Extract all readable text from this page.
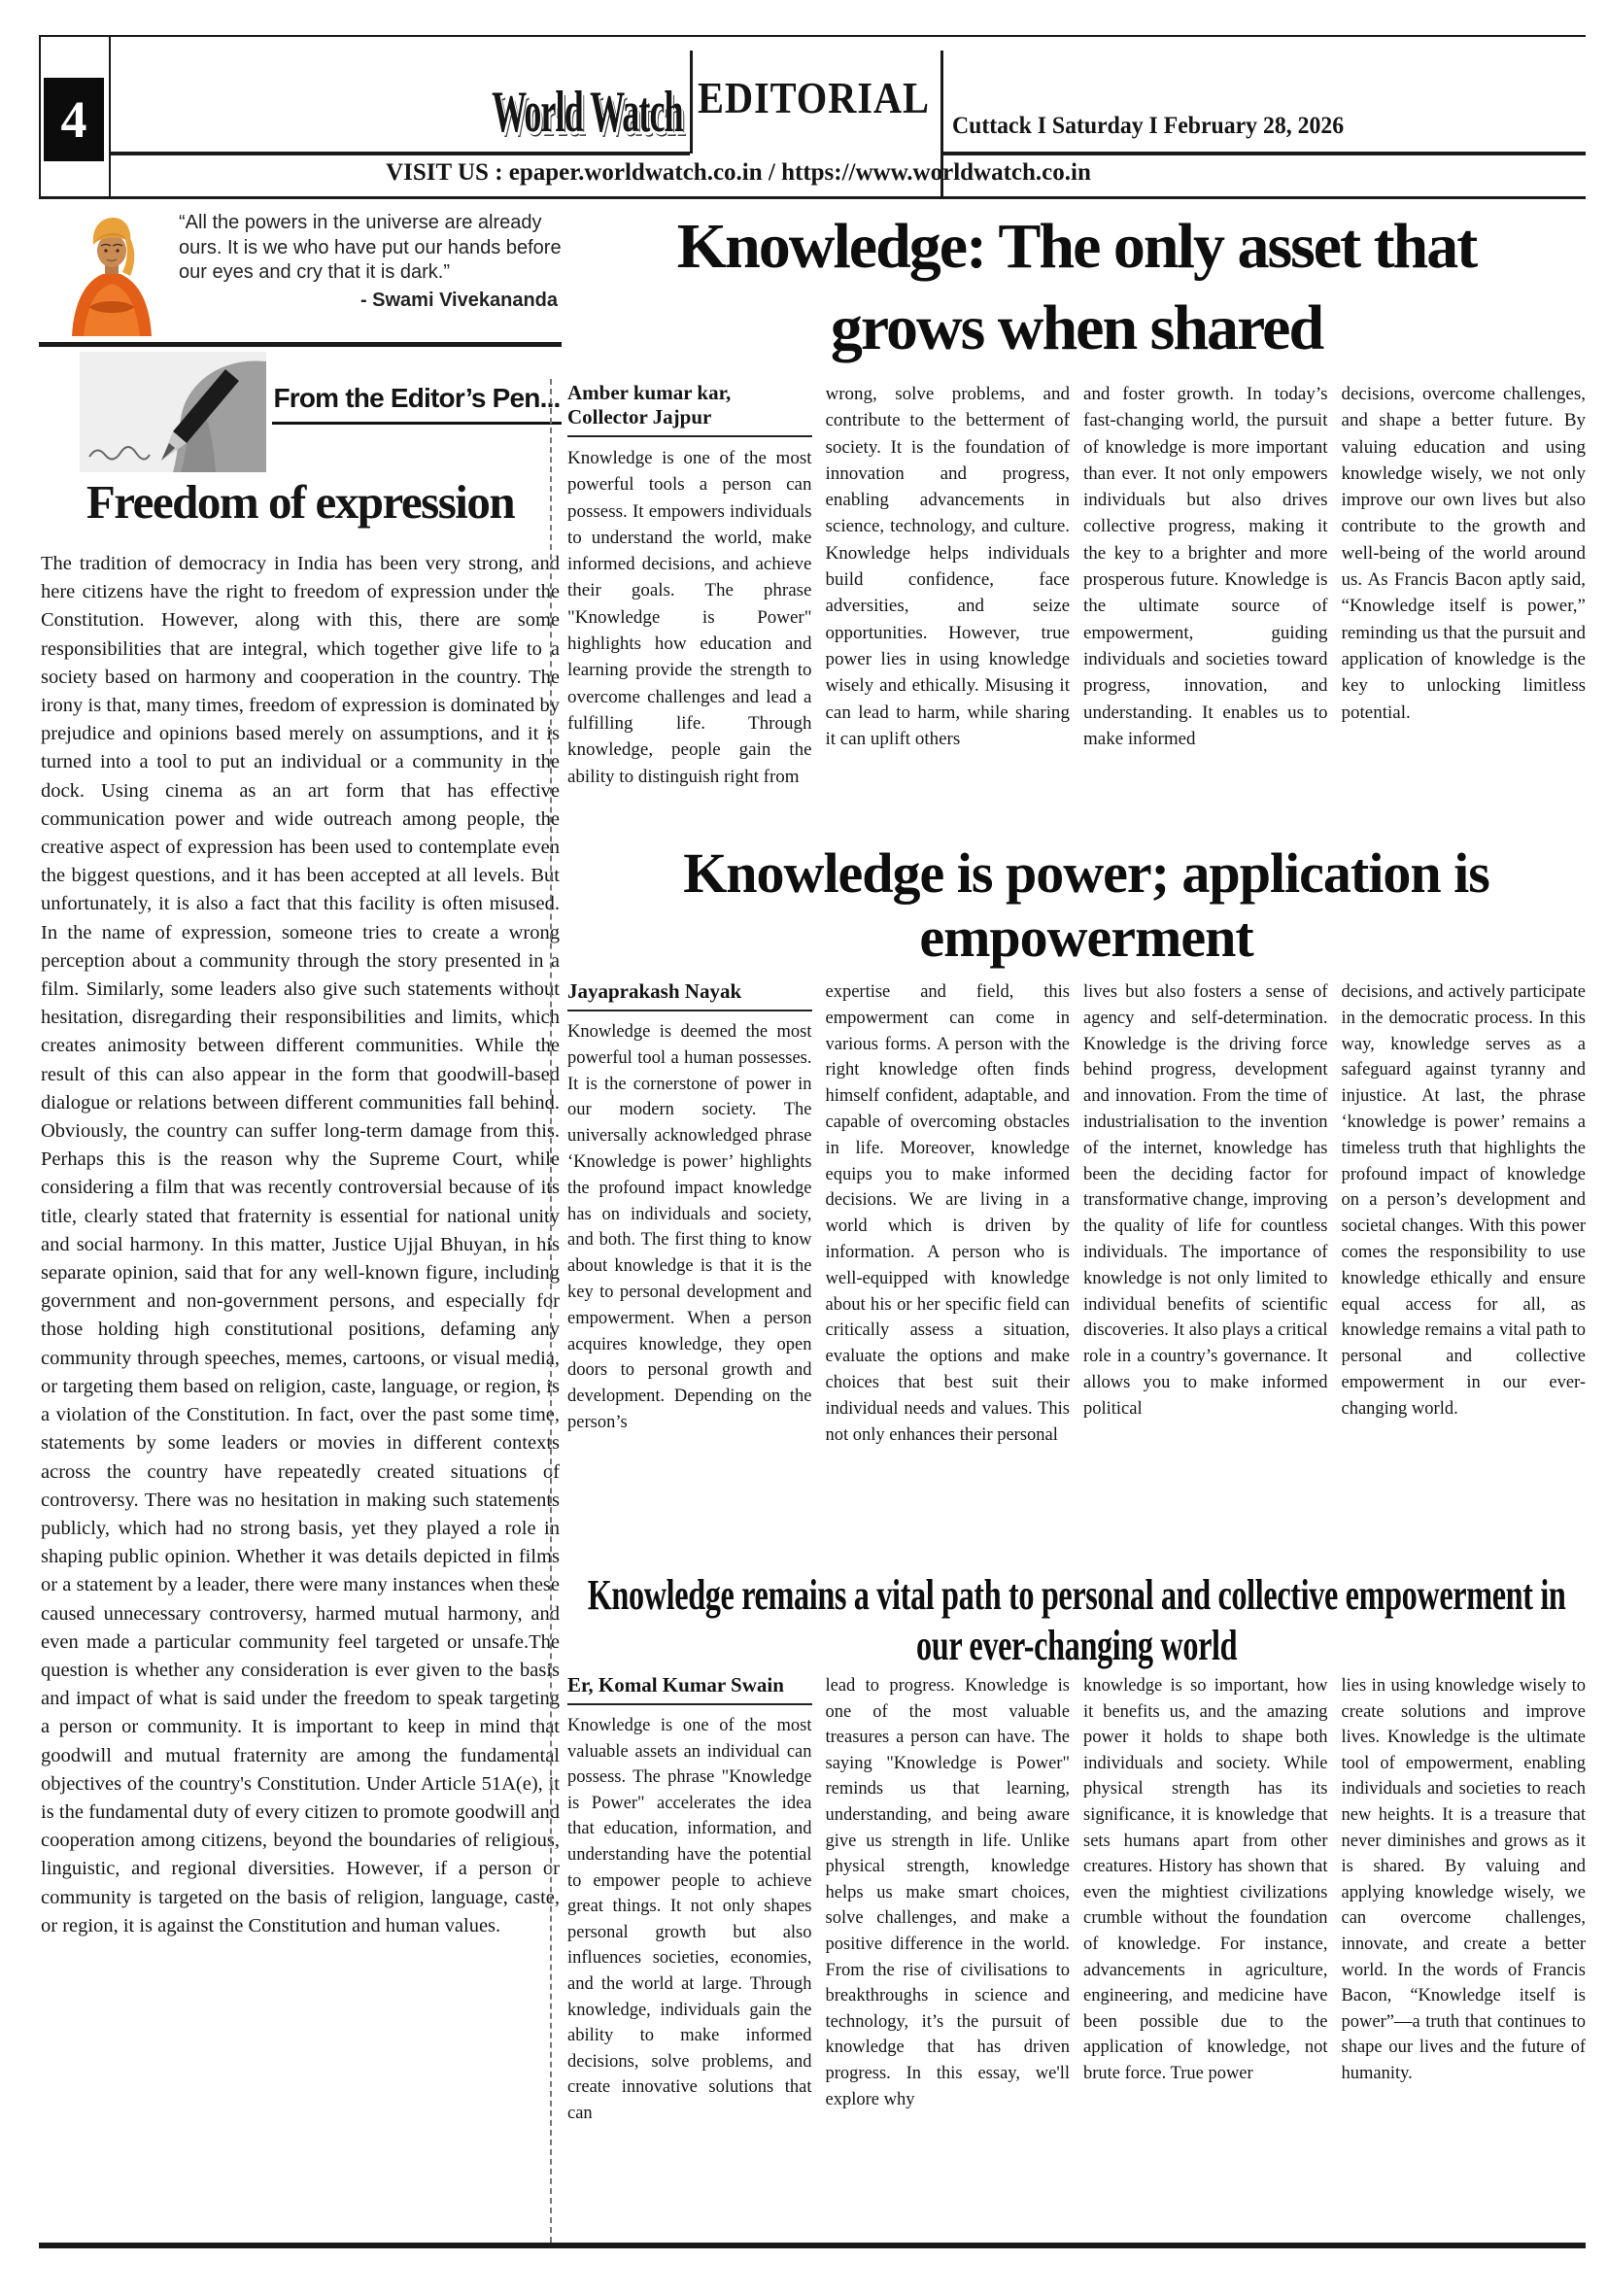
4	World Watch EDITORIAL
Cuttack I Saturday I February 28, 2026
VISIT US : epaper.worldwatch.co.in / https://www.worldwatch.co.in
“All the powers in the universe are already ours. It is we who have put our hands before our eyes and cry that it is dark.”
- Swami Vivekananda
From the Editor’s Pen...
Freedom of expression
The tradition of democracy in India has been very strong, and here citizens have the right to freedom of expression under the Constitution. However, along with this, there are some responsibilities that are integral, which together give life to a society based on harmony and cooperation in the country. The irony is that, many times, freedom of expression is dominated by prejudice and opinions based merely on assumptions, and it is turned into a tool to put an individual or a community in the dock. Using cinema as an art form that has effective communication power and wide outreach among people, the creative aspect of expression has been used to contemplate even the biggest questions, and it has been accepted at all levels. But unfortunately, it is also a fact that this facility is often misused. In the name of expression, someone tries to create a wrong perception about a community through the story presented in a film. Similarly, some leaders also give such statements without hesitation, disregarding their responsibilities and limits, which creates animosity between different communities. While the result of this can also appear in the form that goodwill-based dialogue or relations between different communities fall behind. Obviously, the country can suffer long-term damage from this. Perhaps this is the reason why the Supreme Court, while considering a film that was recently controversial because of its title, clearly stated that fraternity is essential for national unity and social harmony. In this matter, Justice Ujjal Bhuyan, in his separate opinion, said that for any well-known figure, including government and non-government persons, and especially for those holding high constitutional positions, defaming any community through speeches, memes, cartoons, or visual media, or targeting them based on religion, caste, language, or region, is a violation of the Constitution. In fact, over the past some time, statements by some leaders or movies in different contexts across the country have repeatedly created situations of controversy. There was no hesitation in making such statements publicly, which had no strong basis, yet they played a role in shaping public opinion. Whether it was details depicted in films or a statement by a leader, there were many instances when these caused unnecessary controversy, harmed mutual harmony, and even made a particular community feel targeted or unsafe.The question is whether any consideration is ever given to the basis and impact of what is said under the freedom to speak targeting a person or community. It is important to keep in mind that goodwill and mutual fraternity are among the fundamental objectives of the country's Constitution. Under Article 51A(e), it is the fundamental duty of every citizen to promote goodwill and cooperation among citizens, beyond the boundaries of religious, linguistic, and regional diversities. However, if a person or community is targeted on the basis of religion, language, caste, or region, it is against the Constitution and human values.
Knowledge: The only asset that grows when shared
Amber kumar kar,
Collector Jajpur
Knowledge is one of the most powerful tools a person can possess. It empowers individuals to understand the world, make informed decisions, and achieve their goals. The phrase "Knowledge is Power" highlights how education and learning provide the strength to overcome challenges and lead a fulfilling life. Through knowledge, people gain the ability to distinguish right from
wrong, solve problems, and contribute to the betterment of society. It is the foundation of innovation and progress, enabling advancements in science, technology, and culture. Knowledge helps individuals build confidence, face adversities, and seize opportunities. However, true power lies in using knowledge wisely and ethically. Misusing it can lead to harm, while sharing it can uplift others
and foster growth. In today’s fast-changing world, the pursuit of knowledge is more important than ever. It not only empowers individuals but also drives collective progress, making it the key to a brighter and more prosperous future. Knowledge is the ultimate source of empowerment, guiding individuals and societies toward progress, innovation, and understanding. It enables us to make informed
decisions, overcome challenges, and shape a better future. By valuing education and using knowledge wisely, we not only improve our own lives but also contribute to the growth and well-being of the world around us. As Francis Bacon aptly said, “Knowledge itself is power,” reminding us that the pursuit and application of knowledge is the key to unlocking limitless potential.
Knowledge is power; application is empowerment
Jayaprakash Nayak
Knowledge is deemed the most powerful tool a human possesses. It is the cornerstone of power in our modern society. The universally acknowledged phrase ‘Knowledge is power’ highlights the profound impact knowledge has on individuals and society, and both. The first thing to know about knowledge is that it is the key to personal development and empowerment. When a person acquires knowledge, they open doors to personal growth and development. Depending on the person’s
expertise and field, this empowerment can come in various forms. A person with the right knowledge often finds himself confident, adaptable, and capable of overcoming obstacles in life. Moreover, knowledge equips you to make informed decisions. We are living in a world which is driven by information. A person who is well-equipped with knowledge about his or her specific field can critically assess a situation, evaluate the options and make choices that best suit their individual needs and values. This not only enhances their personal
lives but also fosters a sense of agency and self-determination. Knowledge is the driving force behind progress, development and innovation. From the time of industrialisation to the invention of the internet, knowledge has been the deciding factor for transformative change, improving the quality of life for countless individuals. The importance of knowledge is not only limited to individual benefits of scientific discoveries. It also plays a critical role in a country’s governance. It allows you to make informed political
decisions, and actively participate in the democratic process. In this way, knowledge serves as a safeguard against tyranny and injustice. At last, the phrase ‘knowledge is power’ remains a timeless truth that highlights the profound impact of knowledge on a person’s development and societal changes. With this power comes the responsibility to use knowledge ethically and ensure equal access for all, as knowledge remains a vital path to personal and collective empowerment in our ever-changing world.
Knowledge remains a vital path to personal and collective empowerment in our ever-changing world
Er, Komal Kumar Swain
Knowledge is one of the most valuable assets an individual can possess. The phrase "Knowledge is Power" accelerates the idea that education, information, and understanding have the potential to empower people to achieve great things. It not only shapes personal growth but also influences societies, economies, and the world at large. Through knowledge, individuals gain the ability to make informed decisions, solve problems, and create innovative solutions that can
lead to progress. Knowledge is one of the most valuable treasures a person can have. The saying "Knowledge is Power" reminds us that learning, understanding, and being aware give us strength in life. Unlike physical strength, knowledge helps us make smart choices, solve challenges, and make a positive difference in the world. From the rise of civilisations to breakthroughs in science and technology, it’s the pursuit of knowledge that has driven progress. In this essay, we'll explore why
knowledge is so important, how it benefits us, and the amazing power it holds to shape both individuals and society. While physical strength has its significance, it is knowledge that sets humans apart from other creatures. History has shown that even the mightiest civilizations crumble without the foundation of knowledge. For instance, advancements in agriculture, engineering, and medicine have been possible due to the application of knowledge, not brute force. True power
lies in using knowledge wisely to create solutions and improve lives. Knowledge is the ultimate tool of empowerment, enabling individuals and societies to reach new heights. It is a treasure that never diminishes and grows as it is shared. By valuing and applying knowledge wisely, we can overcome challenges, innovate, and create a better world. In the words of Francis Bacon, “Knowledge itself is power”—a truth that continues to shape our lives and the future of humanity.
